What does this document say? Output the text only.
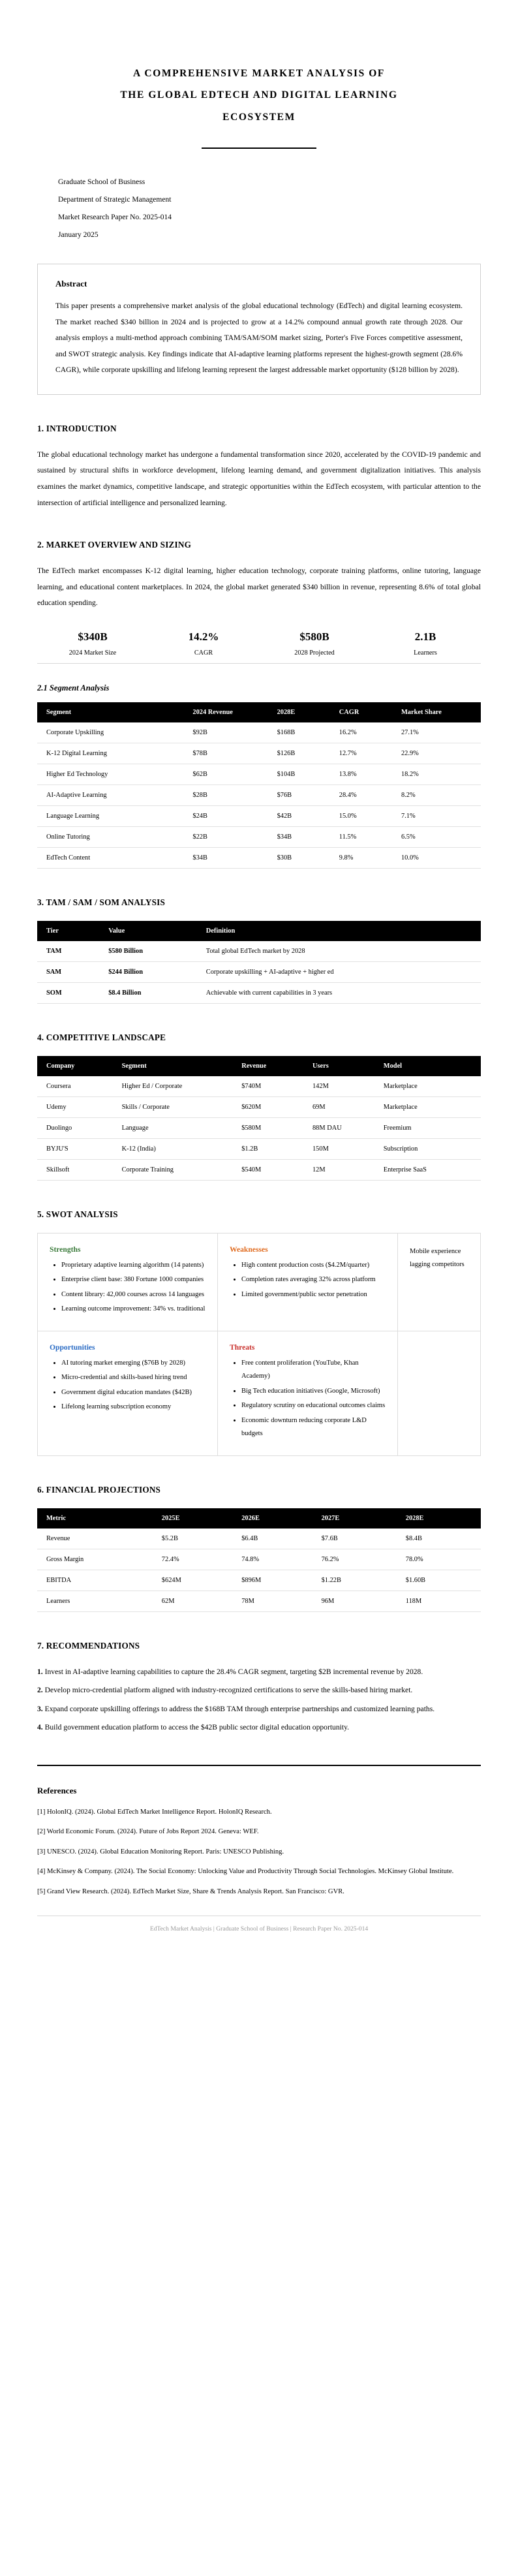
A COMPREHENSIVE MARKET ANALYSIS OF
THE GLOBAL EDTECH AND DIGITAL LEARNING
ECOSYSTEM
Graduate School of Business
Department of Strategic Management
Market Research Paper No. 2025-014
January 2025
Abstract

This paper presents a comprehensive market analysis of the global educational technology (EdTech) and digital learning ecosystem. The market reached $340 billion in 2024 and is projected to grow at a 14.2% compound annual growth rate through 2028. Our analysis employs a multi-method approach combining TAM/SAM/SOM market sizing, Porter's Five Forces competitive assessment, and SWOT strategic analysis. Key findings indicate that AI-adaptive learning platforms represent the highest-growth segment (28.6% CAGR), while corporate upskilling and lifelong learning represent the largest addressable market opportunity ($128 billion by 2028).

1. INTRODUCTION

The global educational technology market has undergone a fundamental transformation since 2020, accelerated by the COVID-19 pandemic and sustained by structural shifts in workforce development, lifelong learning demand, and government digitalization initiatives. This analysis examines the market dynamics, competitive landscape, and strategic opportunities within the EdTech ecosystem, with particular attention to the intersection of artificial intelligence and personalized learning.

2. MARKET OVERVIEW AND SIZING

The EdTech market encompasses K-12 digital learning, higher education technology, corporate training platforms, online tutoring, language learning, and educational content marketplaces. In 2024, the global market generated $340 billion in revenue, representing 8.6% of total global education spending.

$340B
2024 Market Size
14.2%
CAGR
$580B
2028 Projected
2.1B
Learners
2.1 Segment Analysis
Segment	2024 Revenue	2028E	CAGR	Market Share
Corporate Upskilling	$92B	$168B	16.2%	27.1%
K-12 Digital Learning	$78B	$126B	12.7%	22.9%
Higher Ed Technology	$62B	$104B	13.8%	18.2%
AI-Adaptive Learning	$28B	$76B	28.4%	8.2%
Language Learning	$24B	$42B	15.0%	7.1%
Online Tutoring	$22B	$34B	11.5%	6.5%
EdTech Content	$34B	$30B	9.8%	10.0%
3. TAM / SAM / SOM ANALYSIS
Tier	Value	Definition
TAM	$580 Billion	Total global EdTech market by 2028
SAM	$244 Billion	Corporate upskilling + AI-adaptive + higher ed
SOM	$8.4 Billion	Achievable with current capabilities in 3 years
4. COMPETITIVE LANDSCAPE
Company	Segment	Revenue	Users	Model
Coursera	Higher Ed / Corporate	$740M	142M	Marketplace
Udemy	Skills / Corporate	$620M	69M	Marketplace
Duolingo	Language	$580M	88M DAU	Freemium
BYJU'S	K-12 (India)	$1.2B	150M	Subscription
Skillsoft	Corporate Training	$540M	12M	Enterprise SaaS
5. SWOT ANALYSIS
Strengths
• Proprietary adaptive learning algorithm (14 patents)
• Enterprise client base: 380 Fortune 1000 companies
• Content library: 42,000 courses across 14 languages
• Learning outcome improvement: 34% vs. traditional

Weaknesses
• High content production costs ($4.2M/quarter)
• Completion rates averaging 32% across platform
• Limited government/public sector penetration

Mobile experience lagging competitors

Opportunities
• AI tutoring market emerging ($76B by 2028)
• Micro-credential and skills-based hiring trend
• Government digital education mandates ($42B)
• Lifelong learning subscription economy

Threats
• Free content proliferation (YouTube, Khan Academy)
• Big Tech education initiatives (Google, Microsoft)
• Regulatory scrutiny on educational outcomes claims
• Economic downturn reducing corporate L&D budgets

6. FINANCIAL PROJECTIONS
Metric	2025E	2026E	2027E	2028E
Revenue	$5.2B	$6.4B	$7.6B	$8.4B
Gross Margin	72.4%	74.8%	76.2%	78.0%
EBITDA	$624M	$896M	$1.22B	$1.60B
Learners	62M	78M	96M	118M
7. RECOMMENDATIONS

1. Invest in AI-adaptive learning capabilities to capture the 28.4% CAGR segment, targeting $2B incremental revenue by 2028.

2. Develop micro-credential platform aligned with industry-recognized certifications to serve the skills-based hiring market.

3. Expand corporate upskilling offerings to address the $168B TAM through enterprise partnerships and customized learning paths.

4. Build government education platform to access the $42B public sector digital education opportunity.

References

[1] HolonIQ. (2024). Global EdTech Market Intelligence Report. HolonIQ Research.

[2] World Economic Forum. (2024). Future of Jobs Report 2024. Geneva: WEF.

[3] UNESCO. (2024). Global Education Monitoring Report. Paris: UNESCO Publishing.

[4] McKinsey & Company. (2024). The Social Economy: Unlocking Value and Productivity Through Social Technologies. McKinsey Global Institute.

[5] Grand View Research. (2024). EdTech Market Size, Share & Trends Analysis Report. San Francisco: GVR.

EdTech Market Analysis | Graduate School of Business | Research Paper No. 2025-014
